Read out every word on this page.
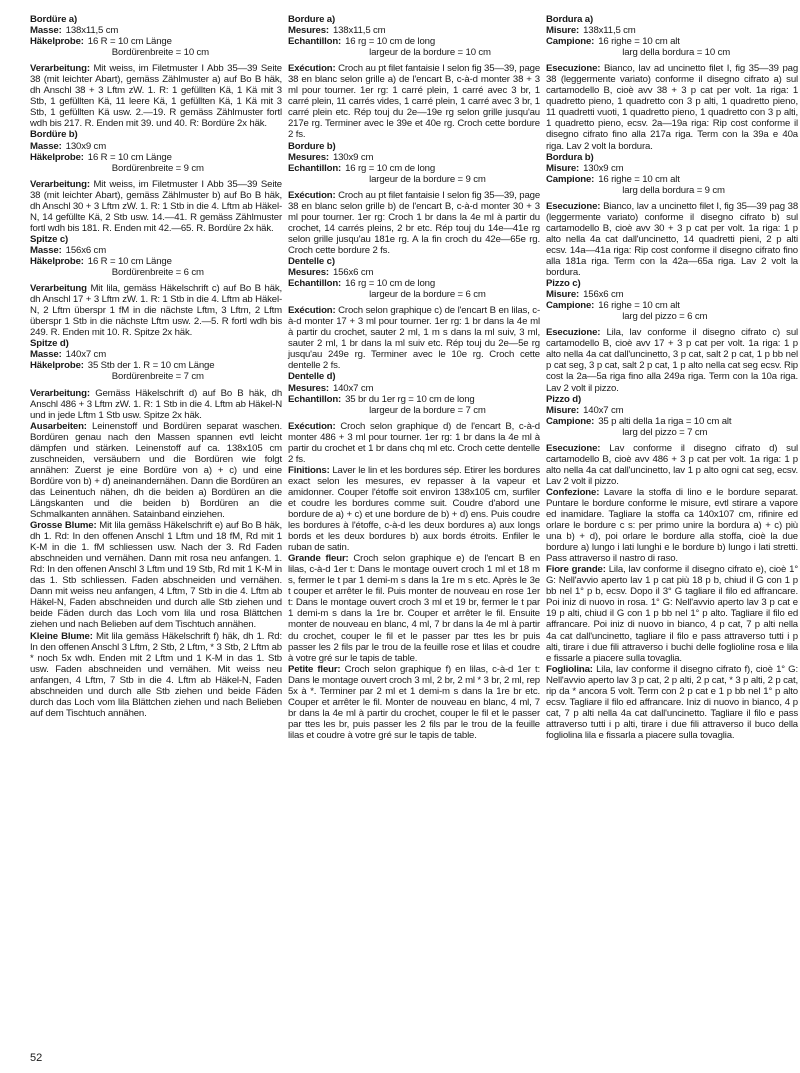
Bordüre a)
Masse: 138x11,5 cm
Häkelprobe: 16 R = 10 cm Länge
Bordürenbreite = 10 cm

Verarbeitung: Mit weiss, im Filetmuster I Abb 35—39 Seite 38 (mit leichter Abart), gemäss Zählmuster a) auf Bo B häk, dh Anschl 38 + 3 Lftm zW. 1. R: 1 gefüllten Kä, 1 Kä mit 3 Stb, 1 gefüllten Kä, 11 leere Kä, 1 gefüllten Kä, 1 Kä mit 3 Stb, 1 gefüllten Kä usw. 2.—19. R gemäss Zählmuster fortl wdh bis 217. R. Enden mit 39. und 40. R: Bordüre 2x häk.

Bordüre b)
Masse: 130x9 cm
Häkelprobe: 16 R = 10 cm Länge
Bordürenbreite = 9 cm

Verarbeitung: Mit weiss, im Filetmuster I Abb 35—39 Seite 38 (mit leichter Abart), gemäss Zählmuster b) auf Bo B häk, dh Anschl 30 + 3 Lftm zW. 1. R: 1 Stb in die 4. Lftm ab Häkel-N, 14 gefüllte Kä, 2 Stb usw. 14.—41. R gemäss Zählmuster fortl wdh bis 181. R. Enden mit 42.—65. R. Bordüre 2x häk.

Spitze c)
Masse: 156x6 cm
Häkelprobe: 16 R = 10 cm Länge
Bordürenbreite = 6 cm

Verarbeitung Mit lila, gemäss Häkelschrift c) auf Bo B häk, dh Anschl 17 + 3 Lftm zW. 1. R: 1 Stb in die 4. Lftm ab Häkel-N, 2 Lftm überspr 1 fM in die nächste Lftm, 3 Lftm, 2 Lftm überspr 1 Stb in die nächste Lftm usw. 2.—5. R fortl wdh bis 249. R. Enden mit 10. R. Spitze 2x häk.

Spitze d)
Masse: 140x7 cm
Häkelprobe: 35 Stb der 1. R = 10 cm Länge
Bordürenbreite = 7 cm

Verarbeitung: Gemäss Häkelschrift d) auf Bo B häk, dh Anschl 486 + 3 Lftm zW. 1. R: 1 Stb in die 4. Lftm ab Häkel-N und in jede Lftm 1 Stb usw. Spitze 2x häk.

Ausarbeiten: Leinenstoff und Bordüren separat waschen. Bordüren genau nach den Massen spannen evtl leicht dämpfen und stärken. Leinenstoff auf ca. 138x105 cm zuschneiden, versäubern und die Bordüren wie folgt annähen: Zuerst je eine Bordüre von a) + c) und eine Bordüre von b) + d) aneinandernähen. Dann die Bordüren an das Leinentuch nähen, dh die beiden a) Bordüren an die Längskanten und die beiden b) Bordüren an die Schmalkanten annähen. Satainband einziehen.

Grosse Blume: Mit lila gemäss Häkelschrift e) auf Bo B häk, dh 1. Rd: In den offenen Anschl 1 Lftm und 18 fM, Rd mit 1 K-M in die 1. fM schliessen usw. Nach der 3. Rd Faden abschneiden und vernähen. Dann mit rosa neu anfangen. 1. Rd: In den offenen Anschl 3 Lftm und 19 Stb, Rd mit 1 K-M in das 1. Stb schliessen. Faden abschneiden und vernähen. Dann mit weiss neu anfangen, 4 Lftm, 7 Stb in die 4. Lftm ab Häkel-N, Faden abschneiden und durch alle Stb ziehen und beide Fäden durch das Loch vom lila und rosa Blättchen ziehen und nach Belieben auf dem Tischtuch annähen.

Kleine Blume: Mit lila gemäss Häkelschrift f) häk, dh 1. Rd: In den offenen Anschl 3 Lftm, 2 Stb, 2 Lftm, * 3 Stb, 2 Lftm ab * noch 5x wdh. Enden mit 2 Lftm und 1 K-M in das 1. Stb usw. Faden abschneiden und vernähen. Mit weiss neu anfangen, 4 Lftm, 7 Stb in die 4. Lftm ab Häkel-N, Faden abschneiden und durch alle Stb ziehen und beide Fäden durch das Loch vom lila Blättchen ziehen und nach Belieben auf dem Tischtuch annähen.

Bordure a)
Mesures: 138x11,5 cm
Echantillon: 16 rg = 10 cm de long
largeur de la bordure = 10 cm

Exécution: Croch au pt filet fantaisie I selon fig 35—39, page 38 en blanc selon grille a) de l'encart B, c-à-d monter 38 + 3 ml pour tourner. 1er rg: 1 carré plein, 1 carré avec 3 br, 1 carré plein, 11 carrés vides, 1 carré plein, 1 carré avec 3 br, 1 carré plein etc. Rép touj du 2e—19e rg selon grille jusqu'au 217e rg. Terminer avec le 39e et 40e rg. Croch cette bordure 2 fs.

Bordure b)
Mesures: 130x9 cm
Echantillon: 16 rg = 10 cm de long
largeur de la bordure = 9 cm

Exécution: Croch au pt filet fantaisie I selon fig 35—39, page 38 en blanc selon grille b) de l'encart B, c-à-d monter 30 + 3 ml pour tourner. 1er rg: Croch 1 br dans la 4e ml à partir du crochet, 14 carrés pleins, 2 br etc. Rép touj du 14e—41e rg selon grille jusqu'au 181e rg. A la fin croch du 42e—65e rg. Croch cette bordure 2 fs.

Dentelle c)
Mesures: 156x6 cm
Echantillon: 16 rg = 10 cm de long
largeur de la bordure = 6 cm

Exécution: Croch selon graphique c) de l'encart B en lilas, c-à-d monter 17 + 3 ml pour tourner. 1er rg: 1 br dans la 4e ml à partir du crochet, sauter 2 ml, 1 m s dans la ml suiv, 3 ml, sauter 2 ml, 1 br dans la ml suiv etc. Rép touj du 2e—5e rg jusqu'au 249e rg. Terminer avec le 10e rg. Croch cette dentelle 2 fs.

Dentelle d)
Mesures: 140x7 cm
Echantillon: 35 br du 1er rg = 10 cm de long
largeur de la bordure = 7 cm

Exécution: Croch selon graphique d) de l'encart B, c-à-d monter 486 + 3 ml pour tourner. 1er rg: 1 br dans la 4e ml à partir du crochet et 1 br dans chq ml etc. Croch cette dentelle 2 fs.

Finitions: Laver le lin et les bordures sép. Etirer les bordures exact selon les mesures, ev repasser à la vapeur et amidonner. Couper l'étoffe soit environ 138x105 cm, surfiler et coudre les bordures comme suit. Coudre d'abord une bordure de a) + c) et une bordure de b) + d) ens. Puis coudre les bordures à l'étoffe, c-à-d les deux bordures a) aux longs bords et les deux bordures b) aux bords étroits. Enfiler le ruban de satin.

Grande fleur: Croch selon graphique e) de l'encart B en lilas, c-à-d 1er t: Dans le montage ouvert croch 1 ml et 18 m s, fermer le t par 1 demi-m s dans la 1re m s etc. Après le 3e t couper et arrêter le fil. Puis monter de nouveau en rose 1er t: Dans le montage ouvert croch 3 ml et 19 br, fermer le t par 1 demi-m s dans la 1re br. Couper et arrêter le fil. Ensuite monter de nouveau en blanc, 4 ml, 7 br dans la 4e ml à partir du crochet, couper le fil et le passer par ttes les br puis passer les 2 fils par le trou de la feuille rose et lilas et coudre à votre gré sur le tapis de table.

Petite fleur: Croch selon graphique f) en lilas, c-à-d 1er t: Dans le montage ouvert croch 3 ml, 2 br, 2 ml * 3 br, 2 ml, rep 5x à *. Terminer par 2 ml et 1 demi-m s dans la 1re br etc. Couper et arrêter le fil. Monter de nouveau en blanc, 4 ml, 7 br dans la 4e ml à partir du crochet, couper le fil et le passer par ttes les br, puis passer les 2 fils par le trou de la feuille lilas et coudre à votre gré sur le tapis de table.

Bordura a)
Misure: 138x11,5 cm
Campione: 16 righe = 10 cm alt
larg della bordura = 10 cm

Esecuzione: Bianco, lav ad uncinetto filet I, fig 35—39 pag 38 (leggermente variato) conforme il disegno cifrato a) sul cartamodello B, cioè avv 38 + 3 p cat per volt. 1a riga: 1 quadretto pieno, 1 quadretto con 3 p alti, 1 quadretto pieno, 11 quadretti vuoti, 1 quadretto pieno, 1 quadretto con 3 p alti, 1 quadretto pieno, ecsv. 2a—19a riga: Rip cost conforme il disegno cifrato fino alla 217a riga. Term con la 39a e 40a riga. Lav 2 volt la bordura.

Bordura b)
Misure: 130x9 cm
Campione: 16 righe = 10 cm alt
larg della bordura = 9 cm

Esecuzione: Bianco, lav a uncinetto filet I, fig 35—39 pag 38 (leggermente variato) conforme il disegno cifrato b) sul cartamodello B, cioè avv 30 + 3 p cat per volt. 1a riga: 1 p alto nella 4a cat dall'uncinetto, 14 quadretti pieni, 2 p alti ecsv. 14a—41a riga: Rip cost conforme il disegno cifrato fino alla 181a riga. Term con la 42a—65a riga. Lav 2 volt la bordura.

Pizzo c)
Misure: 156x6 cm
Campione: 16 righe = 10 cm alt
larg del pizzo = 6 cm

Esecuzione: Lila, lav conforme il disegno cifrato c) sul cartamodello B, cioè avv 17 + 3 p cat per volt. 1a riga: 1 p alto nella 4a cat dall'uncinetto, 3 p cat, salt 2 p cat, 1 p bb nel p cat seg, 3 p cat, salt 2 p cat, 1 p alto nella cat seg ecsv. Rip cost la 2a—5a riga fino alla 249a riga. Term con la 10a riga. Lav 2 volt il pizzo.

Pizzo d)
Misure: 140x7 cm
Campione: 35 p alti della 1a riga = 10 cm alt
larg del pizzo = 7 cm

Esecuzione: Lav conforme il disegno cifrato d) sul cartamodello B, cioè avv 486 + 3 p cat per volt. 1a riga: 1 p alto nella 4a cat dall'uncinetto, lav 1 p alto ogni cat seg, ecsv. Lav 2 volt il pizzo.

Confezione: Lavare la stoffa di lino e le bordure separat. Puntare le bordure conforme le misure, evtl stirare a vapore ed inamidare. Tagliare la stoffa ca 140x107 cm, rifinire ed orlare le bordure c s: per primo unire la bordura a) + c) più una b) + d), poi orlare le bordure alla stoffa, cioè la due bordure a) lungo i lati lunghi e le bordure b) lungo i lati stretti. Pass attraverso il nastro di raso.

Fiore grande: Lila, lav conforme il disegno cifrato e), cioè 1° G: Nell'avvio aperto lav 1 p cat più 18 p b, chiud il G con 1 p bb nel 1° p b, ecsv. Dopo il 3° G tagliare il filo ed affrancare. Poi iniz di nuovo in rosa. 1° G: Nell'avvio aperto lav 3 p cat e 19 p alti, chiud il G con 1 p bb nel 1° p alto. Tagliare il filo ed affrancare. Poi iniz di nuovo in bianco, 4 p cat, 7 p alti nella 4a cat dall'uncinetto, tagliare il filo e pass attraverso tutti i p alti, tirare i due fili attraverso i buchi delle foglioline rosa e lila e fissarle a piacere sulla tovaglia.

Fogliolina: Lila, lav conforme il disegno cifrato f), cioè 1° G: Nell'avvio aperto lav 3 p cat, 2 p alti, 2 p cat, * 3 p alti, 2 p cat, rip da * ancora 5 volt. Term con 2 p cat e 1 p bb nel 1° p alto ecsv. Tagliare il filo ed affrancare. Iniz di nuovo in bianco, 4 p cat, 7 p alti nella 4a cat dall'uncinetto. Tagliare il filo e pass attraverso tutti i p alti, tirare i due fili attraverso il buco della fogliolina lila e fissarla a piacere sulla tovaglia.

52
